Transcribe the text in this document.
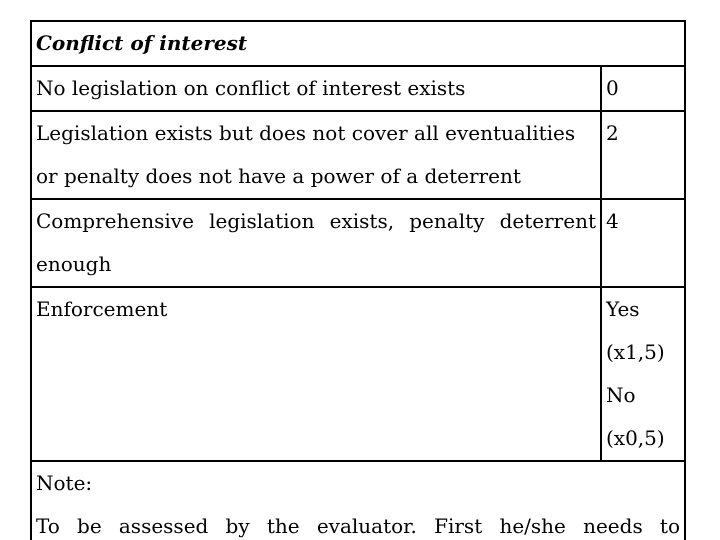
Conflict of interest	

No legislation on conflict of interest exists	0

Legislation exists but does not cover all eventualities
or penalty does not have a power of a deterrent	2

Comprehensive legislation exists, penalty deterrent
enough	4
Enforcement	Yes
(x1,5)
No
(x0,5)

Note:
To be assessed by the evaluator. First he/she needs to	
